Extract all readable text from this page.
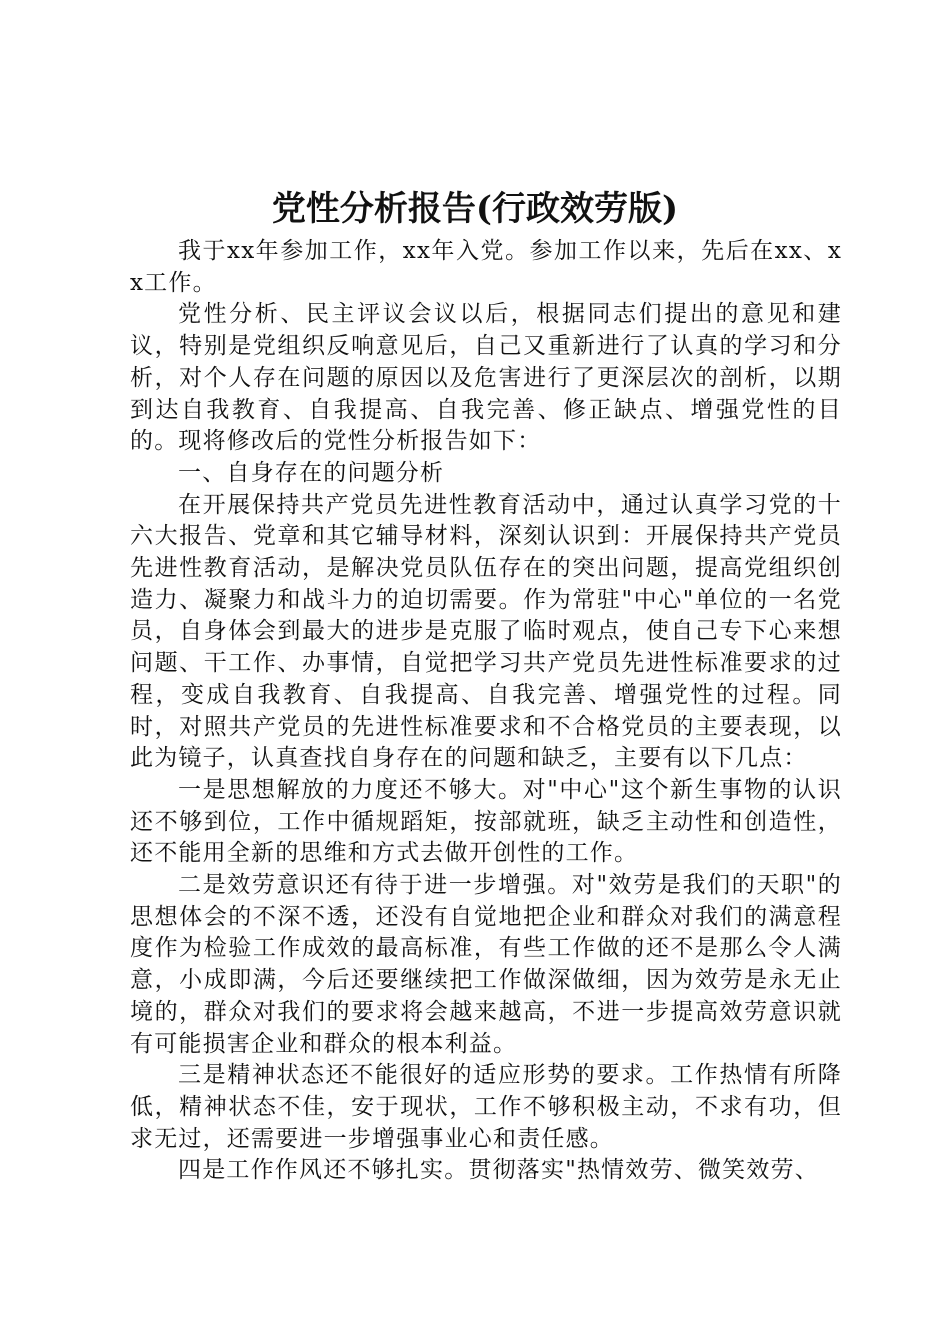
党性分析报告(行政效劳版)

我于xx年参加工作，xx年入党。参加工作以来，先后在xx、xx工作。

党性分析、民主评议会议以后，根据同志们提出的意见和建议，特别是党组织反响意见后，自己又重新进行了认真的学习和分析，对个人存在问题的原因以及危害进行了更深层次的剖析，以期到达自我教育、自我提高、自我完善、修正缺点、增强党性的目的。现将修改后的党性分析报告如下：

一、自身存在的问题分析

在开展保持共产党员先进性教育活动中，通过认真学习党的十六大报告、党章和其它辅导材料，深刻认识到：开展保持共产党员先进性教育活动，是解决党员队伍存在的突出问题，提高党组织创造力、凝聚力和战斗力的迫切需要。作为常驻"中心"单位的一名党员，自身体会到最大的进步是克服了临时观点，使自己专下心来想问题、干工作、办事情，自觉把学习共产党员先进性标准要求的过程，变成自我教育、自我提高、自我完善、增强党性的过程。同时，对照共产党员的先进性标准要求和不合格党员的主要表现，以此为镜子，认真查找自身存在的问题和缺乏，主要有以下几点：

一是思想解放的力度还不够大。对"中心"这个新生事物的认识还不够到位，工作中循规蹈矩，按部就班，缺乏主动性和创造性，还不能用全新的思维和方式去做开创性的工作。

二是效劳意识还有待于进一步增强。对"效劳是我们的天职"的思想体会的不深不透，还没有自觉地把企业和群众对我们的满意程度作为检验工作成效的最高标准，有些工作做的还不是那么令人满意，小成即满，今后还要继续把工作做深做细，因为效劳是永无止境的，群众对我们的要求将会越来越高，不进一步提高效劳意识就有可能损害企业和群众的根本利益。

三是精神状态还不能很好的适应形势的要求。工作热情有所降低，精神状态不佳，安于现状，工作不够积极主动，不求有功，但求无过，还需要进一步增强事业心和责任感。

四是工作作风还不够扎实。贯彻落实"热情效劳、微笑效劳、
